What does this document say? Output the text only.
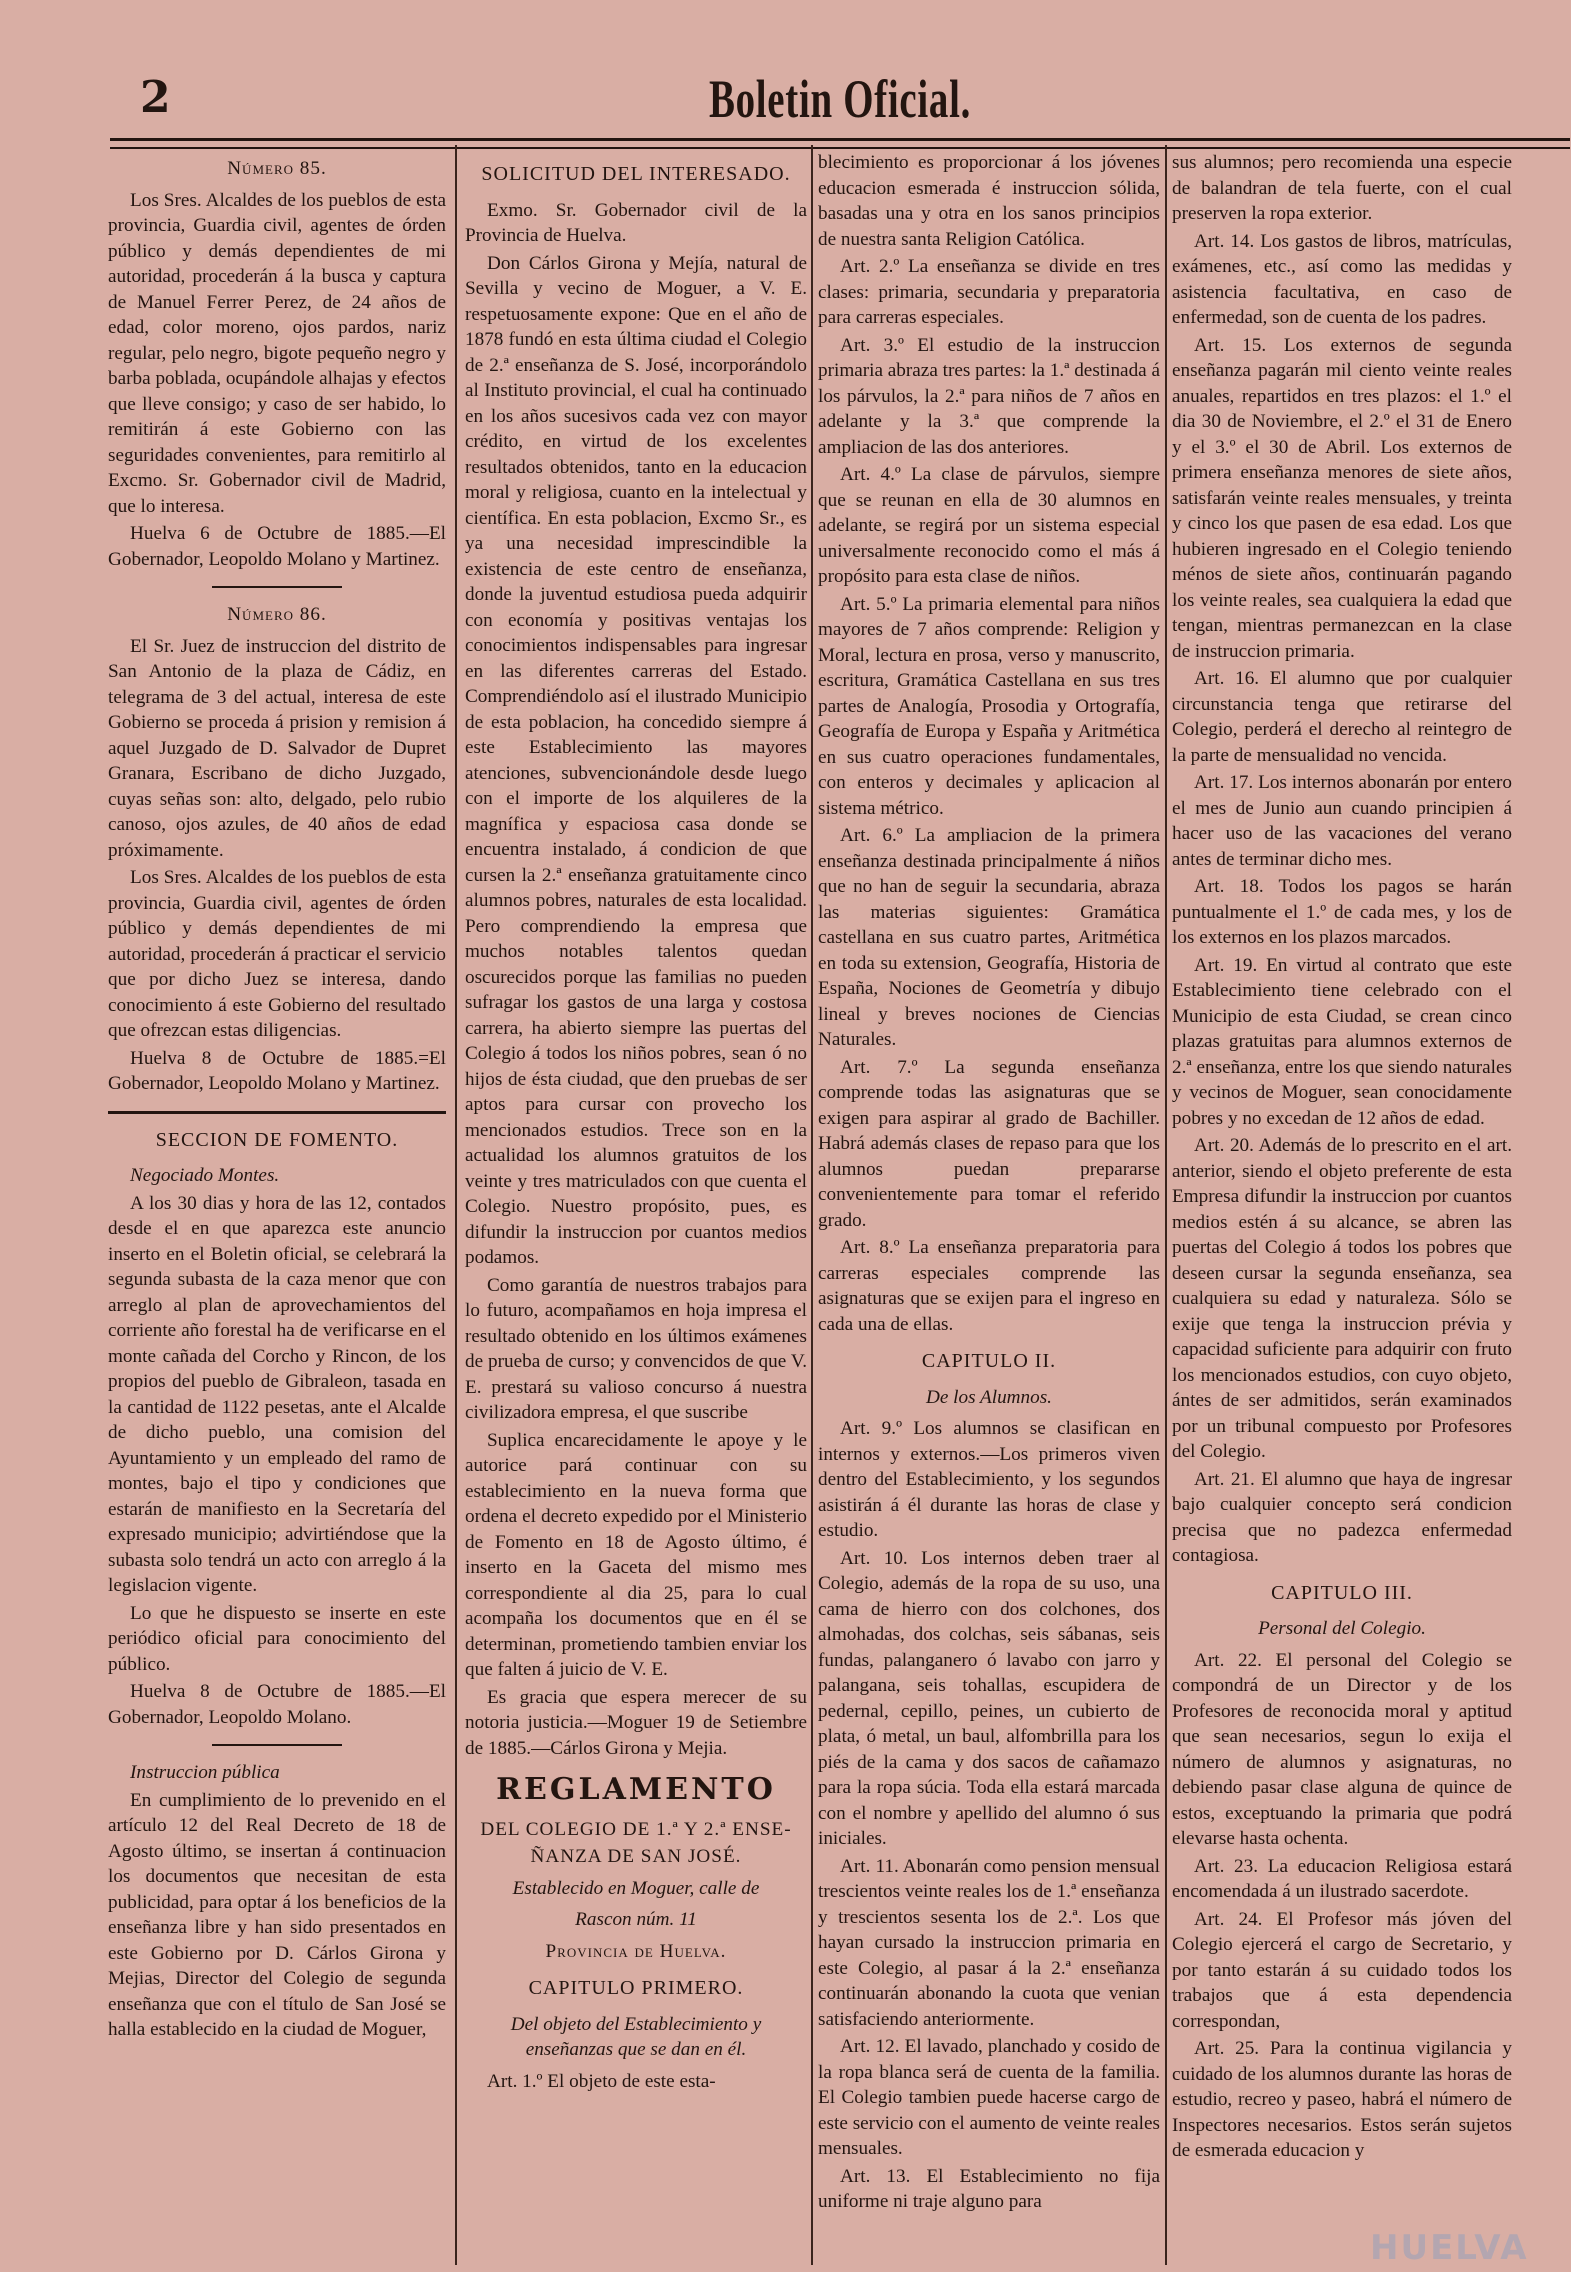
2	Boletin Oficial.

Número 85.

Los Sres. Alcaldes de los pueblos de esta provincia, Guardia civil, agentes de órden público y demás dependientes de mi autoridad, procederán á la busca y captura de Manuel Ferrer Perez, de 24 años de edad, color moreno, ojos pardos, nariz regular, pelo negro, bigote pequeño negro y barba poblada, ocupándole alhajas y efectos que lleve consigo; y caso de ser habido, lo remitirán á este Gobierno con las seguridades convenientes, para remitirlo al Excmo. Sr. Gobernador civil de Madrid, que lo interesa.

Huelva 6 de Octubre de 1885.—El Gobernador, Leopoldo Molano y Martinez.

Número 86.

El Sr. Juez de instruccion del distrito de San Antonio de la plaza de Cádiz, en telegrama de 3 del actual, interesa de este Gobierno se proceda á prision y remision á aquel Juzgado de D. Salvador de Dupret Granara, Escribano de dicho Juzgado, cuyas señas son: alto, delgado, pelo rubio canoso, ojos azules, de 40 años de edad próximamente.

Los Sres. Alcaldes de los pueblos de esta provincia, Guardia civil, agentes de órden público y demás dependientes de mi autoridad, procederán á practicar el servicio que por dicho Juez se interesa, dando conocimiento á este Gobierno del resultado que ofrezcan estas diligencias.

Huelva 8 de Octubre de 1885.=El Gobernador, Leopoldo Molano y Martinez.

SECCION DE FOMENTO.

Negociado Montes.

A los 30 dias y hora de las 12, contados desde el en que aparezca este anuncio inserto en el Boletin oficial, se celebrará la segunda subasta de la caza menor que con arreglo al plan de aprovechamientos del corriente año forestal ha de verificarse en el monte cañada del Corcho y Rincon, de los propios del pueblo de Gibraleon, tasada en la cantidad de 1122 pesetas, ante el Alcalde de dicho pueblo, una comision del Ayuntamiento y un empleado del ramo de montes, bajo el tipo y condiciones que estarán de manifiesto en la Secretaría del expresado municipio; advirtiéndose que la subasta solo tendrá un acto con arreglo á la legislacion vigente.

Lo que he dispuesto se inserte en este periódico oficial para conocimiento del público.

Huelva 8 de Octubre de 1885.—El Gobernador, Leopoldo Molano.

Instruccion pública

En cumplimiento de lo prevenido en el artículo 12 del Real Decreto de 18 de Agosto último, se insertan á continuacion los documentos que necesitan de esta publicidad, para optar á los beneficios de la enseñanza libre y han sido presentados en este Gobierno por D. Cárlos Girona y Mejias, Director del Colegio de segunda enseñanza que con el título de San José se halla establecido en la ciudad de Moguer,

SOLICITUD DEL INTERESADO.

Exmo. Sr. Gobernador civil de la Provincia de Huelva.

Don Cárlos Girona y Mejía, natural de Sevilla y vecino de Moguer, a V. E. respetuosamente expone: Que en el año de 1878 fundó en esta última ciudad el Colegio de 2.ª enseñanza de S. José, incorporándolo al Instituto provincial, el cual ha continuado en los años sucesivos cada vez con mayor crédito, en virtud de los excelentes resultados obtenidos, tanto en la educacion moral y religiosa, cuanto en la intelectual y científica. En esta poblacion, Excmo Sr., es ya una necesidad imprescindible la existencia de este centro de enseñanza, donde la juventud estudiosa pueda adquirir con economía y positivas ventajas los conocimientos indispensables para ingresar en las diferentes carreras del Estado. Comprendiéndolo así el ilustrado Municipio de esta poblacion, ha concedido siempre á este Establecimiento las mayores atenciones, subvencionándole desde luego con el importe de los alquileres de la magnífica y espaciosa casa donde se encuentra instalado, á condicion de que cursen la 2.ª enseñanza gratuitamente cinco alumnos pobres, naturales de esta localidad. Pero comprendiendo la empresa que muchos notables talentos quedan oscurecidos porque las familias no pueden sufragar los gastos de una larga y costosa carrera, ha abierto siempre las puertas del Colegio á todos los niños pobres, sean ó no hijos de ésta ciudad, que den pruebas de ser aptos para cursar con provecho los mencionados estudios. Trece son en la actualidad los alumnos gratuitos de los veinte y tres matriculados con que cuenta el Colegio. Nuestro propósito, pues, es difundir la instruccion por cuantos medios podamos.

Como garantía de nuestros trabajos para lo futuro, acompañamos en hoja impresa el resultado obtenido en los últimos exámenes de prueba de curso; y convencidos de que V. E. prestará su valioso concurso á nuestra civilizadora empresa, el que suscribe

Suplica encarecidamente le apoye y le autorice pará continuar con su establecimiento en la nueva forma que ordena el decreto expedido por el Ministerio de Fomento en 18 de Agosto último, é inserto en la Gaceta del mismo mes correspondiente al dia 25, para lo cual acompaña los documentos que en él se determinan, prometiendo tambien enviar los que falten á juicio de V. E.

Es gracia que espera merecer de su notoria justicia.—Moguer 19 de Setiembre de 1885.—Cárlos Girona y Mejia.

REGLAMENTO

DEL COLEGIO DE 1.ª Y 2.ª ENSE-

ÑANZA DE SAN JOSÉ.

Establecido en Moguer, calle de

Rascon núm. 11

Provincia de Huelva.

CAPITULO PRIMERO.

Del objeto del Establecimiento y enseñanzas que se dan en él.

Art. 1.º El objeto de este esta-

blecimiento es proporcionar á los jóvenes educacion esmerada é instruccion sólida, basadas una y otra en los sanos principios de nuestra santa Religion Católica.

Art. 2.º La enseñanza se divide en tres clases: primaria, secundaria y preparatoria para carreras especiales.

Art. 3.º El estudio de la instruccion primaria abraza tres partes: la 1.ª destinada á los párvulos, la 2.ª para niños de 7 años en adelante y la 3.ª que comprende la ampliacion de las dos anteriores.

Art. 4.º La clase de párvulos, siempre que se reunan en ella de 30 alumnos en adelante, se regirá por un sistema especial universalmente reconocido como el más á propósito para esta clase de niños.

Art. 5.º La primaria elemental para niños mayores de 7 años comprende: Religion y Moral, lectura en prosa, verso y manuscrito, escritura, Gramática Castellana en sus tres partes de Analogía, Prosodia y Ortografía, Geografía de Europa y España y Aritmética en sus cuatro operaciones fundamentales, con enteros y decimales y aplicacion al sistema métrico.

Art. 6.º La ampliacion de la primera enseñanza destinada principalmente á niños que no han de seguir la secundaria, abraza las materias siguientes: Gramática castellana en sus cuatro partes, Aritmética en toda su extension, Geografía, Historia de España, Nociones de Geometría y dibujo lineal y breves nociones de Ciencias Naturales.

Art. 7.º La segunda enseñanza comprende todas las asignaturas que se exigen para aspirar al grado de Bachiller. Habrá además clases de repaso para que los alumnos puedan prepararse convenientemente para tomar el referido grado.

Art. 8.º La enseñanza preparatoria para carreras especiales comprende las asignaturas que se exijen para el ingreso en cada una de ellas.

CAPITULO II.

De los Alumnos.

Art. 9.º Los alumnos se clasifican en internos y externos.—Los primeros viven dentro del Establecimiento, y los segundos asistirán á él durante las horas de clase y estudio.

Art. 10. Los internos deben traer al Colegio, además de la ropa de su uso, una cama de hierro con dos colchones, dos almohadas, dos colchas, seis sábanas, seis fundas, palanganero ó lavabo con jarro y palangana, seis tohallas, escupidera de pedernal, cepillo, peines, un cubierto de plata, ó metal, un baul, alfombrilla para los piés de la cama y dos sacos de cañamazo para la ropa súcia. Toda ella estará marcada con el nombre y apellido del alumno ó sus iniciales.

Art. 11. Abonarán como pension mensual trescientos veinte reales los de 1.ª enseñanza y trescientos sesenta los de 2.ª. Los que hayan cursado la instruccion primaria en este Colegio, al pasar á la 2.ª enseñanza continuarán abonando la cuota que venian satisfaciendo anteriormente.

Art. 12. El lavado, planchado y cosido de la ropa blanca será de cuenta de la familia. El Colegio tambien puede hacerse cargo de este servicio con el aumento de veinte reales mensuales.

Art. 13. El Establecimiento no fija uniforme ni traje alguno para

sus alumnos; pero recomienda una especie de balandran de tela fuerte, con el cual preserven la ropa exterior.

Art. 14. Los gastos de libros, matrículas, exámenes, etc., así como las medidas y asistencia facultativa, en caso de enfermedad, son de cuenta de los padres.

Art. 15. Los externos de segunda enseñanza pagarán mil ciento veinte reales anuales, repartidos en tres plazos: el 1.º el dia 30 de Noviembre, el 2.º el 31 de Enero y el 3.º el 30 de Abril. Los externos de primera enseñanza menores de siete años, satisfarán veinte reales mensuales, y treinta y cinco los que pasen de esa edad. Los que hubieren ingresado en el Colegio teniendo ménos de siete años, continuarán pagando los veinte reales, sea cualquiera la edad que tengan, mientras permanezcan en la clase de instruccion primaria.

Art. 16. El alumno que por cualquier circunstancia tenga que retirarse del Colegio, perderá el derecho al reintegro de la parte de mensualidad no vencida.

Art. 17. Los internos abonarán por entero el mes de Junio aun cuando principien á hacer uso de las vacaciones del verano antes de terminar dicho mes.

Art. 18. Todos los pagos se harán puntualmente el 1.º de cada mes, y los de los externos en los plazos marcados.

Art. 19. En virtud al contrato que este Establecimiento tiene celebrado con el Municipio de esta Ciudad, se crean cinco plazas gratuitas para alumnos externos de 2.ª enseñanza, entre los que siendo naturales y vecinos de Moguer, sean conocidamente pobres y no excedan de 12 años de edad.

Art. 20. Además de lo prescrito en el art. anterior, siendo el objeto preferente de esta Empresa difundir la instruccion por cuantos medios estén á su alcance, se abren las puertas del Colegio á todos los pobres que deseen cursar la segunda enseñanza, sea cualquiera su edad y naturaleza. Sólo se exije que tenga la instruccion prévia y capacidad suficiente para adquirir con fruto los mencionados estudios, con cuyo objeto, ántes de ser admitidos, serán examinados por un tribunal compuesto por Profesores del Colegio.

Art. 21. El alumno que haya de ingresar bajo cualquier concepto será condicion precisa que no padezca enfermedad contagiosa.

CAPITULO III.

Personal del Colegio.

Art. 22. El personal del Colegio se compondrá de un Director y de los Profesores de reconocida moral y aptitud que sean necesarios, segun lo exija el número de alumnos y asignaturas, no debiendo pasar clase alguna de quince de estos, exceptuando la primaria que podrá elevarse hasta ochenta.

Art. 23. La educacion Religiosa estará encomendada á un ilustrado sacerdote.

Art. 24. El Profesor más jóven del Colegio ejercerá el cargo de Secretario, y por tanto estarán á su cuidado todos los trabajos que á esta dependencia correspondan,

Art. 25. Para la continua vigilancia y cuidado de los alumnos durante las horas de estudio, recreo y paseo, habrá el número de Inspectores necesarios. Estos serán sujetos de esmerada educacion y

HUELVA
